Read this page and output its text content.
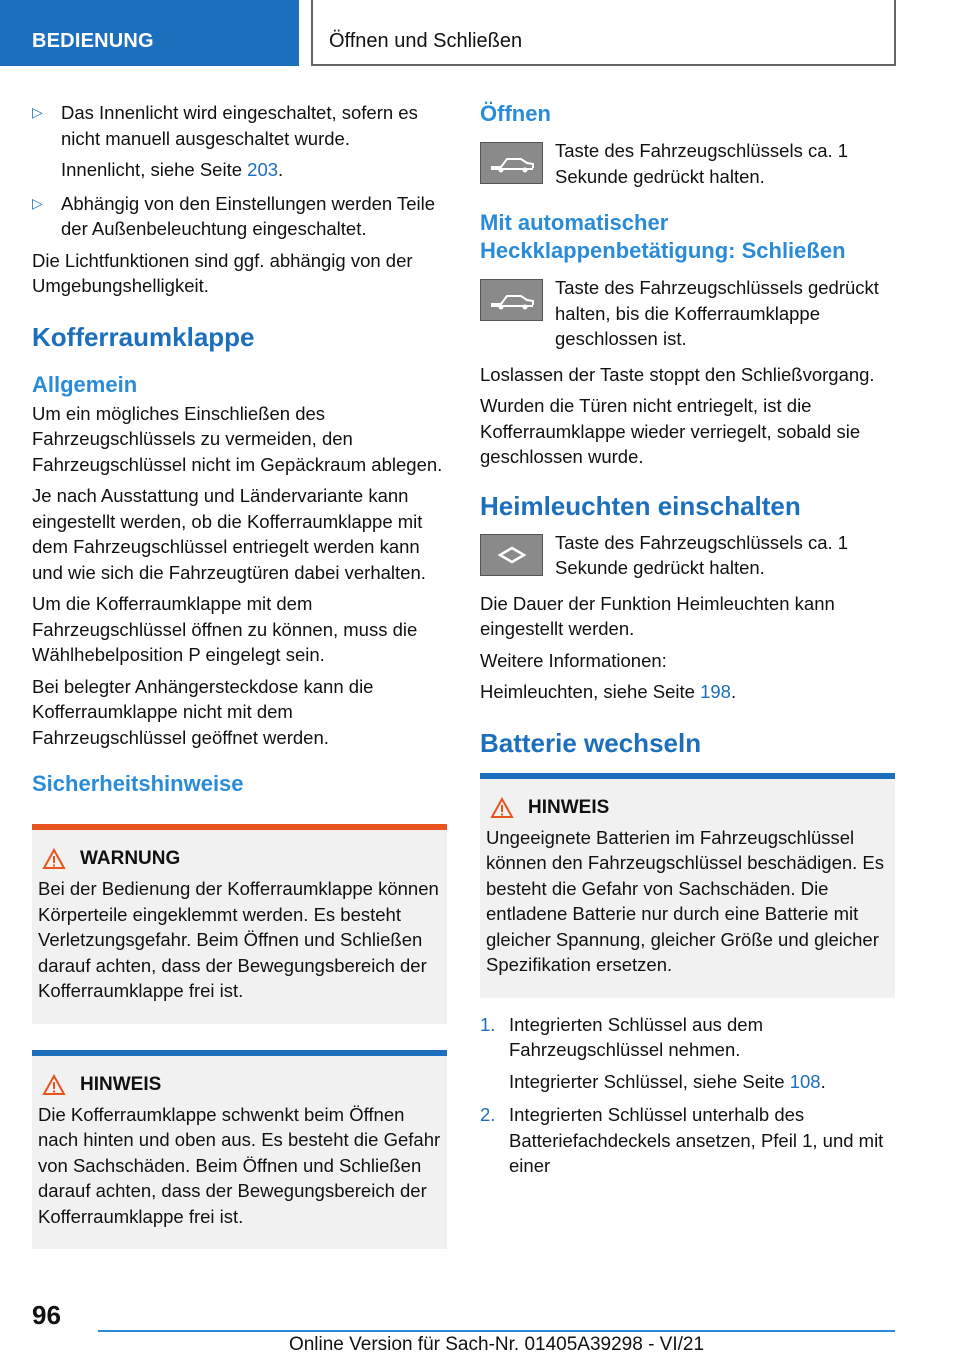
BEDIENUNG	Öffnen und Schließen
▷ Das Innenlicht wird eingeschaltet, sofern es nicht manuell ausgeschaltet wurde.
Innenlicht, siehe Seite 203.
▷ Abhängig von den Einstellungen werden Teile der Außenbeleuchtung eingeschaltet.
Die Lichtfunktionen sind ggf. abhängig von der Umgebungshelligkeit.
Kofferraumklappe
Allgemein
Um ein mögliches Einschließen des Fahrzeugschlüssels zu vermeiden, den Fahrzeugschlüssel nicht im Gepäckraum ablegen.
Je nach Ausstattung und Ländervariante kann eingestellt werden, ob die Kofferraumklappe mit dem Fahrzeugschlüssel entriegelt werden kann und wie sich die Fahrzeugtüren dabei verhalten.
Um die Kofferraumklappe mit dem Fahrzeugschlüssel öffnen zu können, muss die Wählhebelposition P eingelegt sein.
Bei belegter Anhängersteckdose kann die Kofferraumklappe nicht mit dem Fahrzeugschlüssel geöffnet werden.
Sicherheitshinweise
WARNUNG
Bei der Bedienung der Kofferraumklappe können Körperteile eingeklemmt werden. Es besteht Verletzungsgefahr. Beim Öffnen und Schließen darauf achten, dass der Bewegungsbereich der Kofferraumklappe frei ist.
HINWEIS
Die Kofferraumklappe schwenkt beim Öffnen nach hinten und oben aus. Es besteht die Gefahr von Sachschäden. Beim Öffnen und Schließen darauf achten, dass der Bewegungsbereich der Kofferraumklappe frei ist.
Öffnen
Taste des Fahrzeugschlüssels ca. 1 Sekunde gedrückt halten.
Mit automatischer Heckklappenbetätigung: Schließen
Taste des Fahrzeugschlüssels gedrückt halten, bis die Kofferraumklappe geschlossen ist.
Loslassen der Taste stoppt den Schließvorgang.
Wurden die Türen nicht entriegelt, ist die Kofferraumklappe wieder verriegelt, sobald sie geschlossen wurde.
Heimleuchten einschalten
Taste des Fahrzeugschlüssels ca. 1 Sekunde gedrückt halten.
Die Dauer der Funktion Heimleuchten kann eingestellt werden.
Weitere Informationen:
Heimleuchten, siehe Seite 198.
Batterie wechseln
HINWEIS
Ungeeignete Batterien im Fahrzeugschlüssel können den Fahrzeugschlüssel beschädigen. Es besteht die Gefahr von Sachschäden. Die entladene Batterie nur durch eine Batterie mit gleicher Spannung, gleicher Größe und gleicher Spezifikation ersetzen.
1. Integrierten Schlüssel aus dem Fahrzeugschlüssel nehmen.
Integrierter Schlüssel, siehe Seite 108.
2. Integrierten Schlüssel unterhalb des Batteriefachdeckels ansetzen, Pfeil 1, und mit einer
96
Online Version für Sach-Nr. 01405A39298 - VI/21
